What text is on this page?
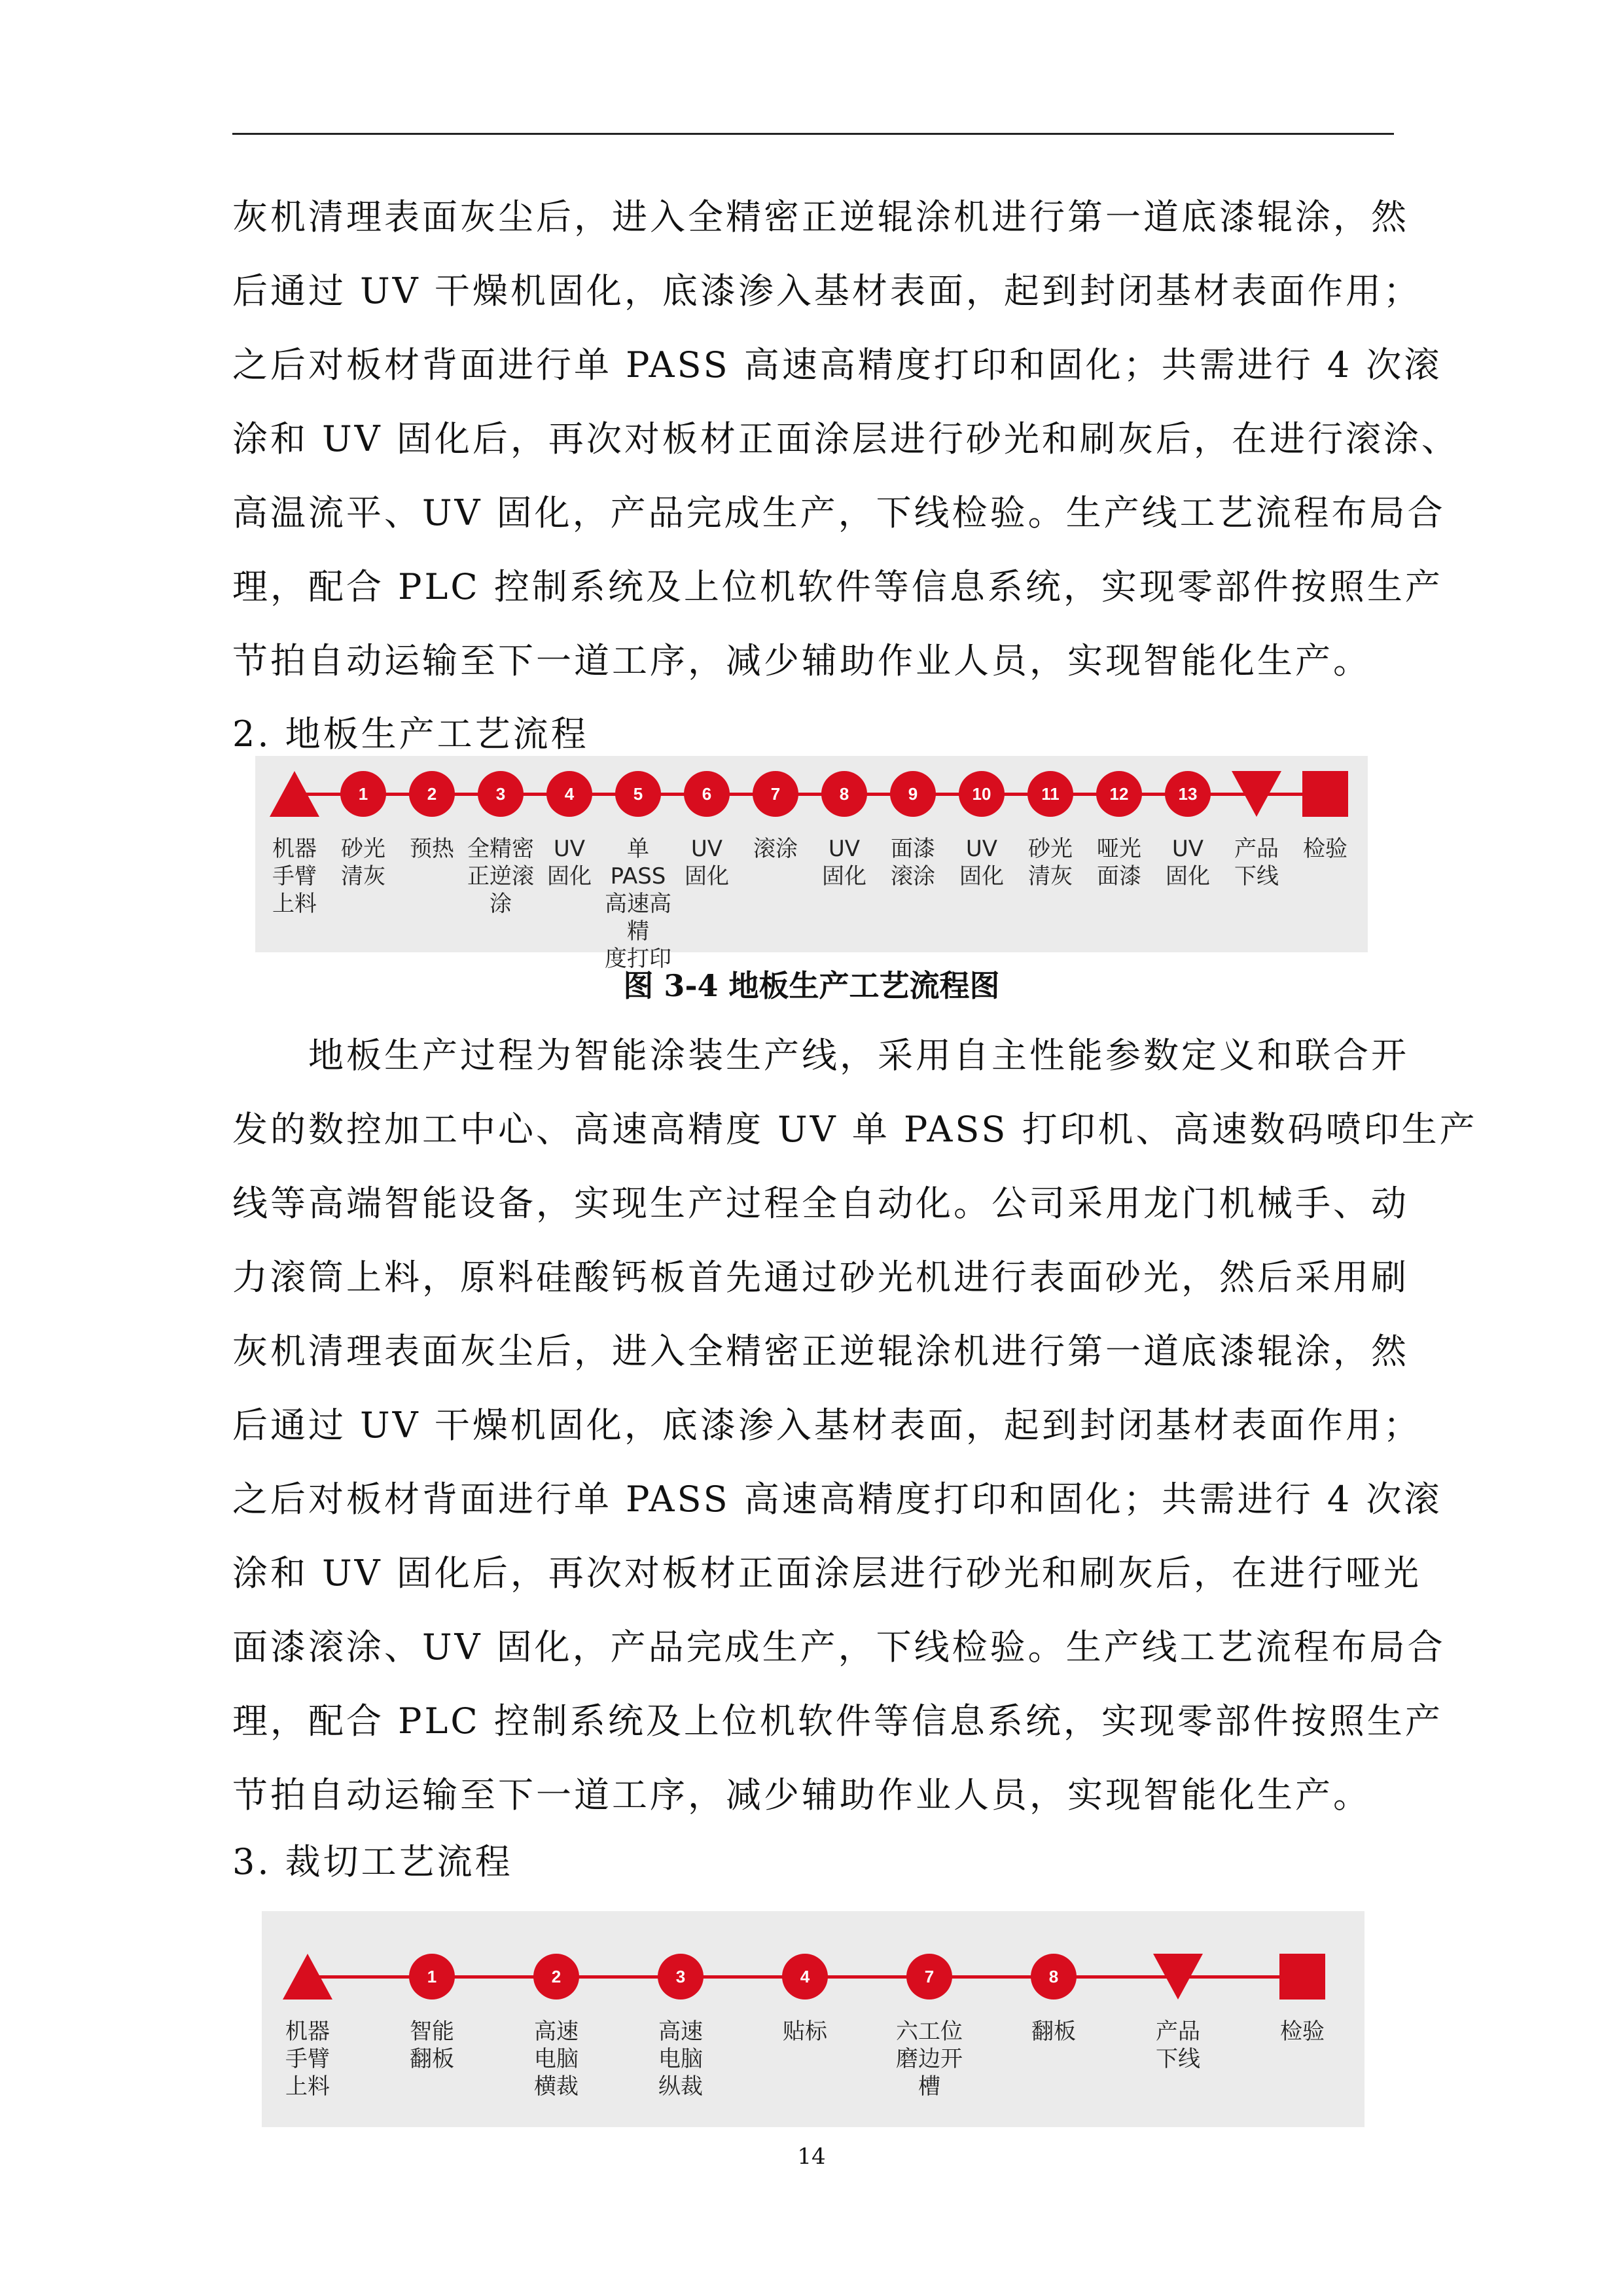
灰机清理表面灰尘后，进入全精密正逆辊涂机进行第一道底漆辊涂，然
后通过 UV 干燥机固化，底漆渗入基材表面，起到封闭基材表面作用；
之后对板材背面进行单 PASS 高速高精度打印和固化；共需进行 4 次滚
涂和 UV 固化后，再次对板材正面涂层进行砂光和刷灰后，在进行滚涂、
高温流平、UV 固化，产品完成生产，下线检验。生产线工艺流程布局合
理，配合 PLC 控制系统及上位机软件等信息系统，实现零部件按照生产
节拍自动运输至下一道工序，减少辅助作业人员，实现智能化生产。

2. 地板生产工艺流程

机器
手臂
上料
1
砂光
清灰
2
预热
3
全精密
正逆滚
涂
4
UV
固化
5
单PASS
高速高精
度打印
6
UV
固化
7
滚涂
8
UV
固化
9
面漆
滚涂
10
UV
固化
11
砂光
清灰
12
哑光
面漆
13
UV
固化
产品
下线
检验
图 3-4 地板生产工艺流程图

　　地板生产过程为智能涂装生产线，采用自主性能参数定义和联合开
发的数控加工中心、高速高精度 UV 单 PASS 打印机、高速数码喷印生产
线等高端智能设备，实现生产过程全自动化。公司采用龙门机械手、动
力滚筒上料，原料硅酸钙板首先通过砂光机进行表面砂光，然后采用刷
灰机清理表面灰尘后，进入全精密正逆辊涂机进行第一道底漆辊涂，然
后通过 UV 干燥机固化，底漆渗入基材表面，起到封闭基材表面作用；
之后对板材背面进行单 PASS 高速高精度打印和固化；共需进行 4 次滚
涂和 UV 固化后，再次对板材正面涂层进行砂光和刷灰后，在进行哑光
面漆滚涂、UV 固化，产品完成生产，下线检验。生产线工艺流程布局合
理，配合 PLC 控制系统及上位机软件等信息系统，实现零部件按照生产
节拍自动运输至下一道工序，减少辅助作业人员，实现智能化生产。

3. 裁切工艺流程

机器
手臂
上料
1
智能
翻板
2
高速
电脑
横裁
3
高速
电脑
纵裁
4
贴标
7
六工位
磨边开
槽
8
翻板	产品
下线
检验
14
